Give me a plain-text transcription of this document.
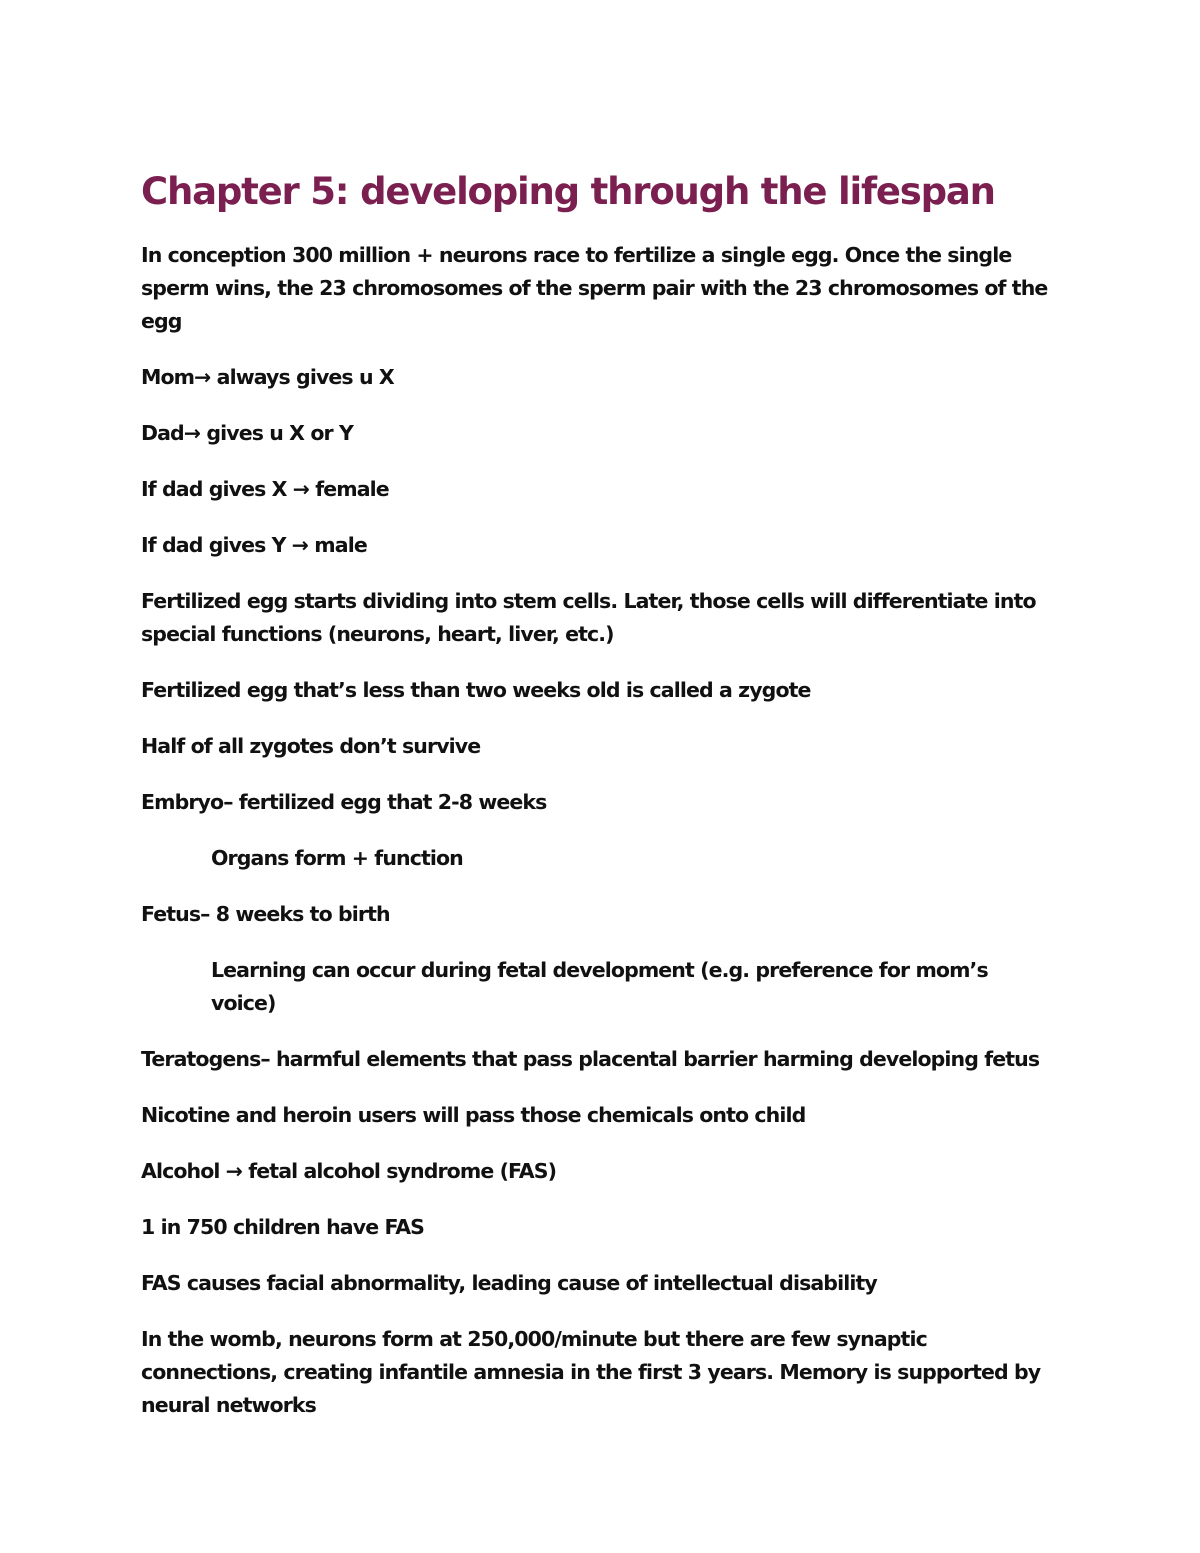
Chapter 5: developing through the lifespan

In conception 300 million + neurons race to fertilize a single egg. Once the single sperm wins, the 23 chromosomes of the sperm pair with the 23 chromosomes of the egg

Mom→ always gives u X

Dad→ gives u X or Y

If dad gives X → female

If dad gives Y → male

Fertilized egg starts dividing into stem cells. Later, those cells will differentiate into special functions (neurons, heart, liver, etc.)

Fertilized egg that’s less than two weeks old is called a zygote

Half of all zygotes don’t survive

Embryo– fertilized egg that 2-8 weeks

Organs form + function

Fetus– 8 weeks to birth

Learning can occur during fetal development (e.g. preference for mom’s voice)

Teratogens– harmful elements that pass placental barrier harming developing fetus

Nicotine and heroin users will pass those chemicals onto child

Alcohol → fetal alcohol syndrome (FAS)

1 in 750 children have FAS

FAS causes facial abnormality, leading cause of intellectual disability

In the womb, neurons form at 250,000/minute but there are few synaptic connections, creating infantile amnesia in the first 3 years. Memory is supported by neural networks
